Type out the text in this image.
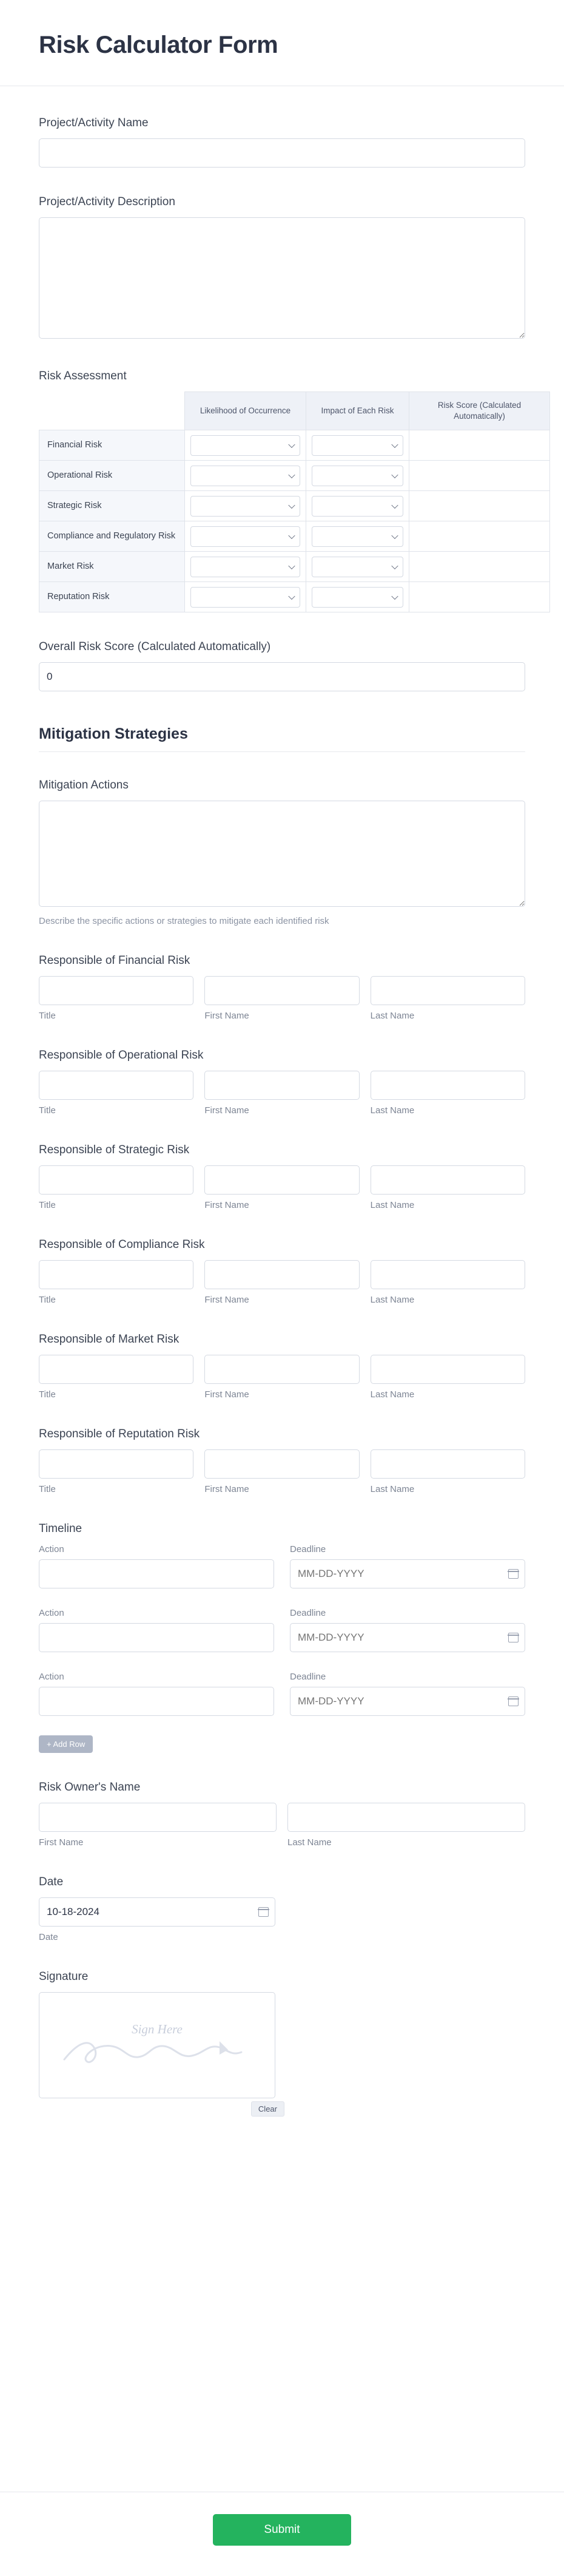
Risk Calculator Form
Project/Activity Name
Project/Activity Description
Risk Assessment
	Likelihood of Occurrence	Impact of Each Risk	Risk Score (Calculated Automatically)
Financial Risk	

Operational Risk	

Strategic Risk	

Compliance and Regulatory Risk	

Market Risk	

Reputation Risk	

Overall Risk Score (Calculated Automatically)
0
Mitigation Strategies
Mitigation Actions
Describe the specific actions or strategies to mitigate each identified risk
Responsible of Financial Risk
Title	First Name	Last Name
Responsible of Operational Risk
Title	First Name	Last Name
Responsible of Strategic Risk
Title	First Name	Last Name
Responsible of Compliance Risk
Title	First Name	Last Name
Responsible of Market Risk
Title	First Name	Last Name
Responsible of Reputation Risk
Title	First Name	Last Name
Timeline
Action	Deadline
MM-DD-YYYY
Action	Deadline
MM-DD-YYYY
Action	Deadline
MM-DD-YYYY
+ Add Row
Risk Owner's Name
First Name	Last Name
Date
10-18-2024
Date
Signature
Sign Here
Clear
Submit
